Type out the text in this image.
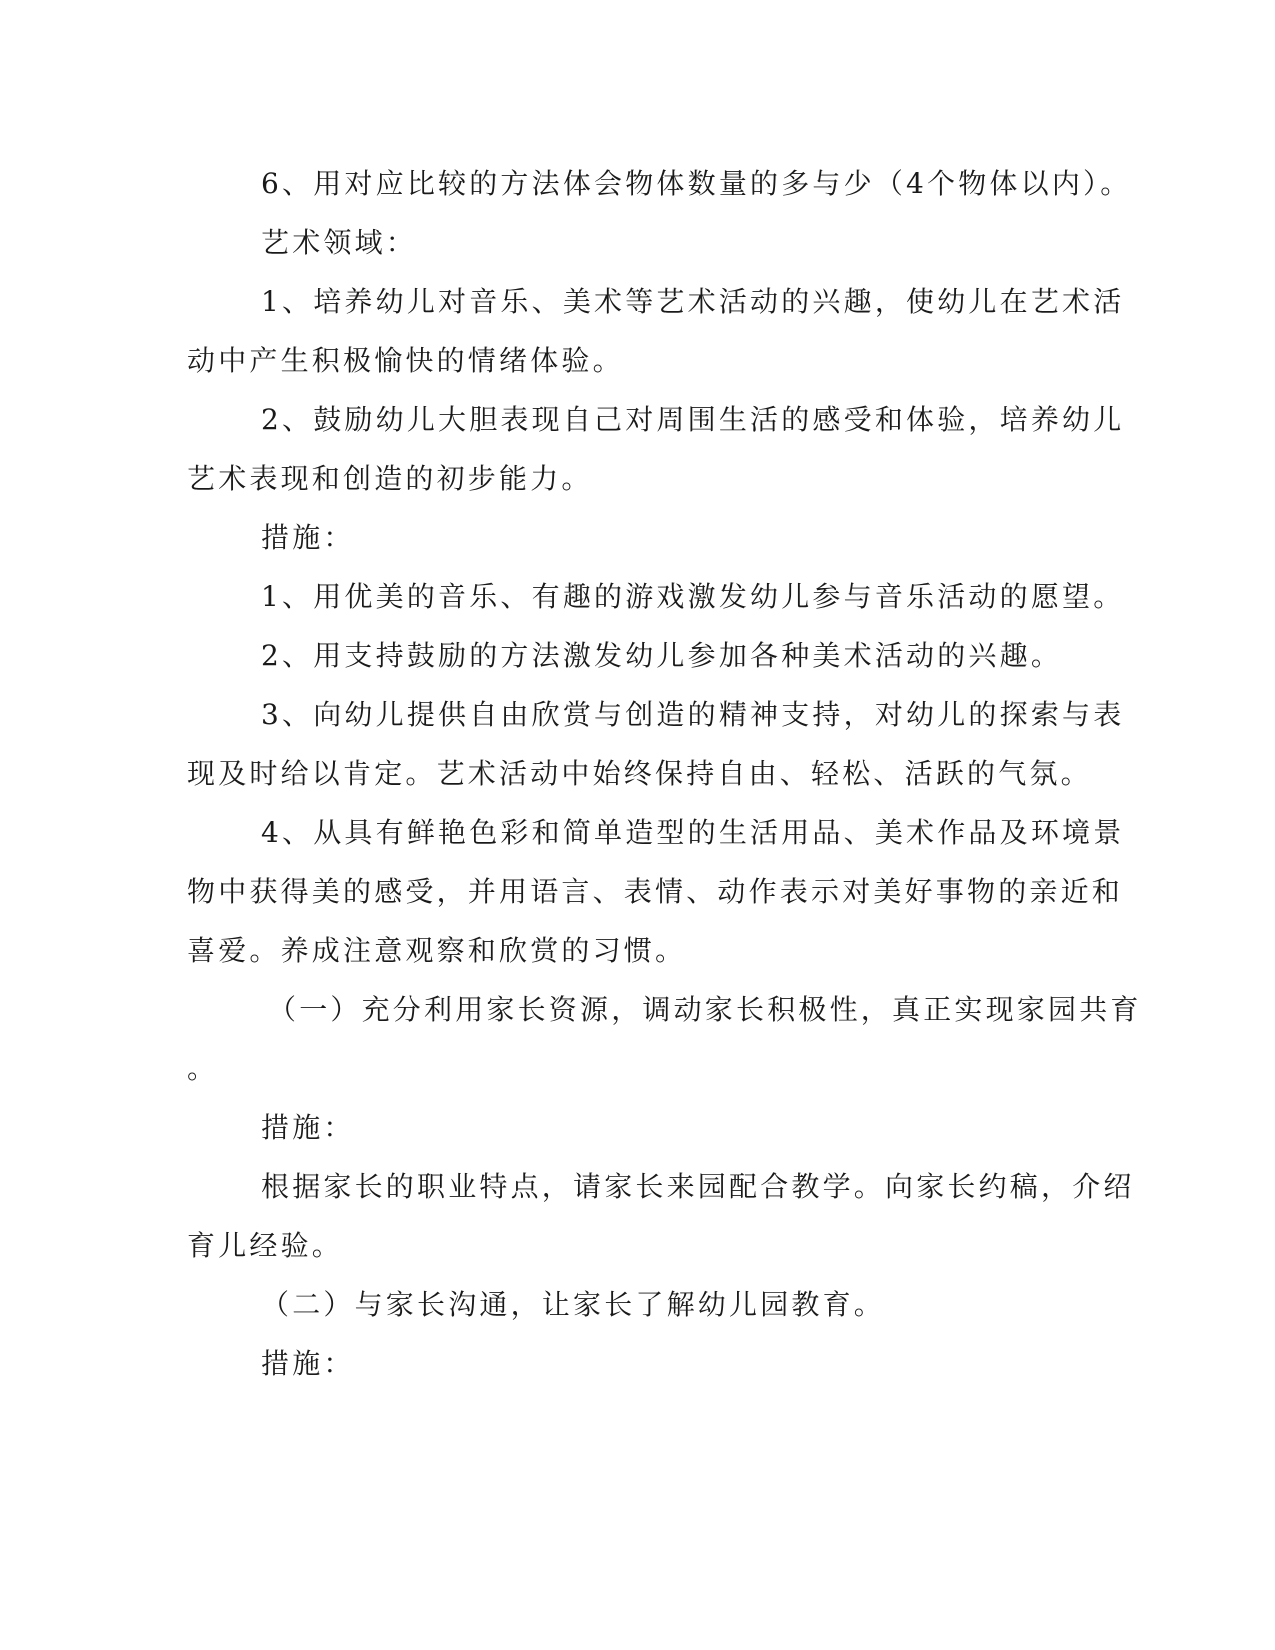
6、用对应比较的方法体会物体数量的多与少（4个物体以内）。
艺术领域：
1、培养幼儿对音乐、美术等艺术活动的兴趣，使幼儿在艺术活
动中产生积极愉快的情绪体验。
2、鼓励幼儿大胆表现自己对周围生活的感受和体验，培养幼儿
艺术表现和创造的初步能力。
措施：
1、用优美的音乐、有趣的游戏激发幼儿参与音乐活动的愿望。
2、用支持鼓励的方法激发幼儿参加各种美术活动的兴趣。
3、向幼儿提供自由欣赏与创造的精神支持，对幼儿的探索与表
现及时给以肯定。艺术活动中始终保持自由、轻松、活跃的气氛。
4、从具有鲜艳色彩和简单造型的生活用品、美术作品及环境景
物中获得美的感受，并用语言、表情、动作表示对美好事物的亲近和
喜爱。养成注意观察和欣赏的习惯。
（一）充分利用家长资源，调动家长积极性，真正实现家园共育
。
措施：
根据家长的职业特点，请家长来园配合教学。向家长约稿，介绍
育儿经验。
（二）与家长沟通，让家长了解幼儿园教育。
措施：
